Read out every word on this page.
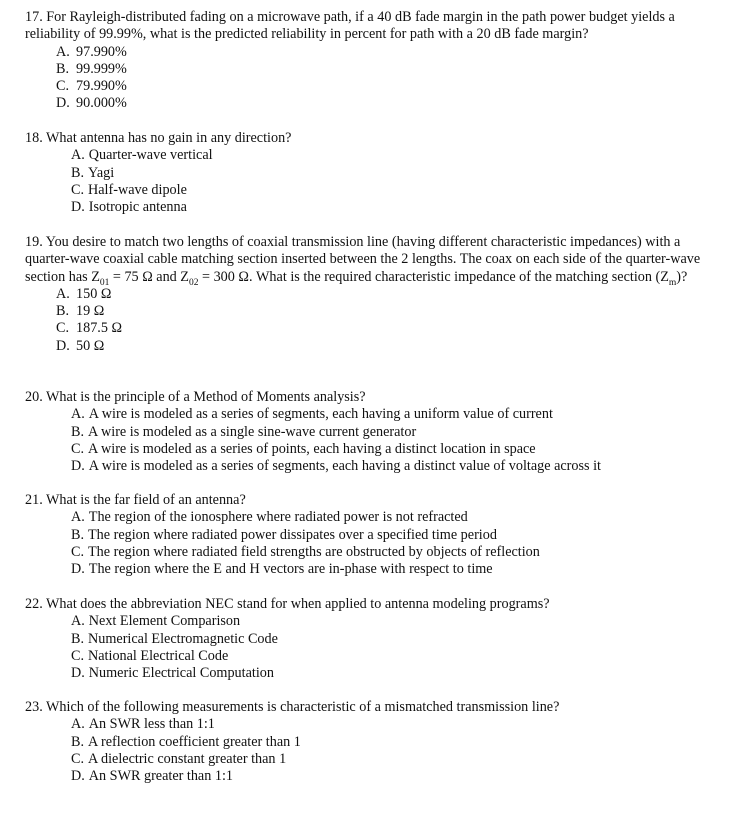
17. For Rayleigh-distributed fading on a microwave path, if a 40 dB fade margin in the path power budget yields a reliability of 99.99%, what is the predicted reliability in percent for path with a 20 dB fade margin?

A. 97.990%
B. 99.999%
C. 79.990%
D. 90.000%

18. What antenna has no gain in any direction?

A. Quarter-wave vertical
B. Yagi
C. Half-wave dipole
D. Isotropic antenna

19. You desire to match two lengths of coaxial transmission line (having different characteristic impedances) with a quarter-wave coaxial cable matching section inserted between the 2 lengths. The coax on each side of the quarter-wave section has $Z_{01} = 75$ Ω and $Z_{02} = 300$ Ω. What is the required characteristic impedance of the matching section $(Z_m)$?

A. 150 Ω
B. 19 Ω
C. 187.5 Ω
D. 50 Ω

20. What is the principle of a Method of Moments analysis?

A. A wire is modeled as a series of segments, each having a uniform value of current
B. A wire is modeled as a single sine-wave current generator
C. A wire is modeled as a series of points, each having a distinct location in space
D. A wire is modeled as a series of segments, each having a distinct value of voltage across it

21. What is the far field of an antenna?

A. The region of the ionosphere where radiated power is not refracted
B. The region where radiated power dissipates over a specified time period
C. The region where radiated field strengths are obstructed by objects of reflection
D. The region where the E and H vectors are in-phase with respect to time

22. What does the abbreviation NEC stand for when applied to antenna modeling programs?

A. Next Element Comparison
B. Numerical Electromagnetic Code
C. National Electrical Code
D. Numeric Electrical Computation

23. Which of the following measurements is characteristic of a mismatched transmission line?

A. An SWR less than 1:1
B. A reflection coefficient greater than 1
C. A dielectric constant greater than 1
D. An SWR greater than 1:1
